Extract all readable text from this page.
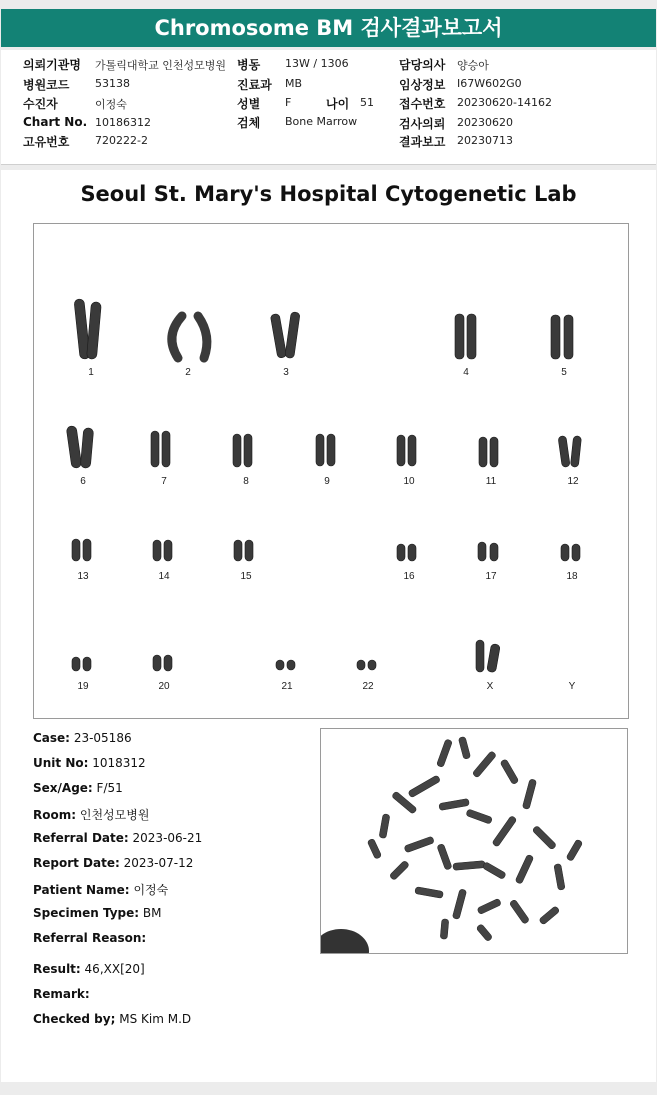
Chromosome BM 검사결과보고서
의뢰기관명 가톨릭대학교 인천성모병원 병동 13W / 1306	담당의사 양승아
병원코드 53138	진료과 MB	임상정보 I67W602G0
수진자	이정숙	성별 F	나이 51 접수번호 20230620-14162
Chart No. 10186312	검체 Bone Marrow	검사의뢰 20230620
고유번호 720222-2	결과보고 20230713
Seoul St. Mary's Hospital Cytogenetic Lab
1	2	3	4	5
6	7	8	9	10	11	12
13	14	15	16	17	18
19	20	21	22	X	Y
Case: 23-05186
Unit No: 1018312
Sex/Age: F/51
Room: 인천성모병원
Referral Date: 2023-06-21
Report Date: 2023-07-12
Patient Name: 이정숙
Specimen Type: BM
Referral Reason:
Result: 46,XX[20]
Remark:
Checked by; MS Kim M.D
